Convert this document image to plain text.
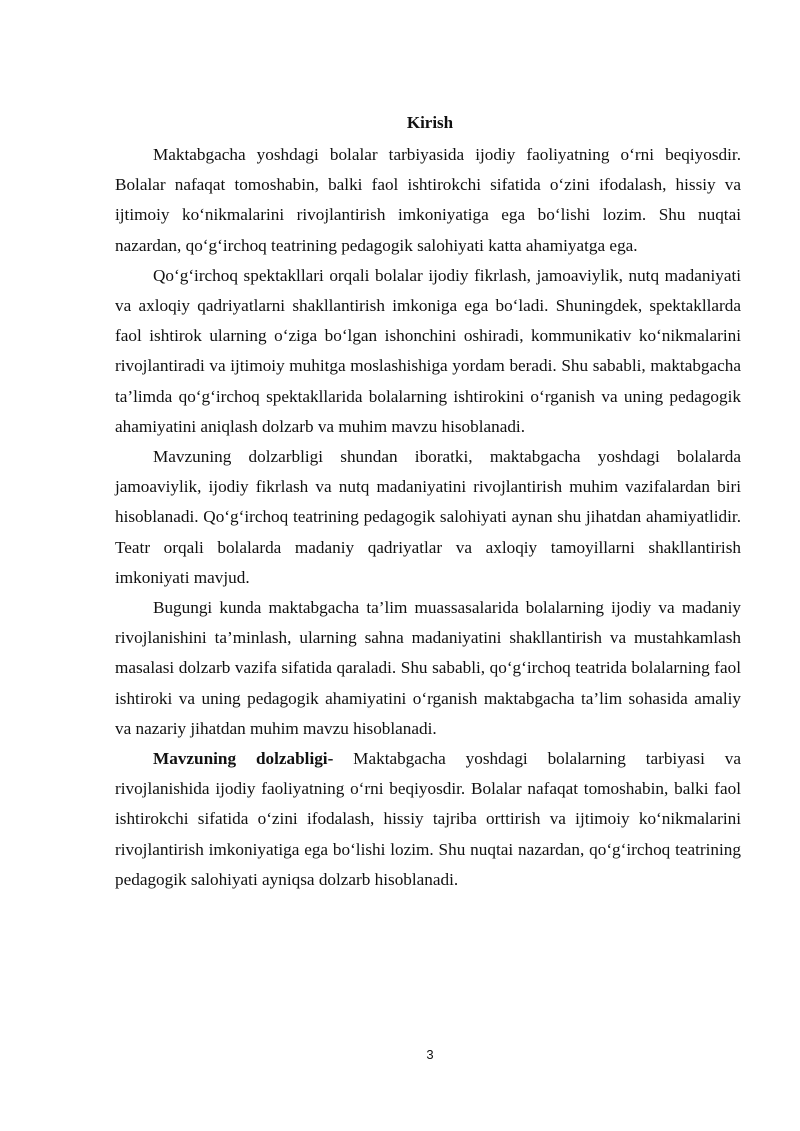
Kirish

Maktabgacha yoshdagi bolalar tarbiyasida ijodiy faoliyatning o‘rni beqiyosdir. Bolalar nafaqat tomoshabin, balki faol ishtirokchi sifatida o‘zini ifodalash, hissiy va ijtimoiy ko‘nikmalarini rivojlantirish imkoniyatiga ega bo‘lishi lozim. Shu nuqtai nazardan, qo‘g‘irchoq teatrining pedagogik salohiyati katta ahamiyatga ega.

Qo‘g‘irchoq spektakllari orqali bolalar ijodiy fikrlash, jamoaviylik, nutq madaniyati va axloqiy qadriyatlarni shakllantirish imkoniga ega bo‘ladi. Shuningdek, spektakllarda faol ishtirok ularning o‘ziga bo‘lgan ishonchini oshiradi, kommunikativ ko‘nikmalarini rivojlantiradi va ijtimoiy muhitga moslashishiga yordam beradi. Shu sababli, maktabgacha ta’limda qo‘g‘irchoq spektakllarida bolalarning ishtirokini o‘rganish va uning pedagogik ahamiyatini aniqlash dolzarb va muhim mavzu hisoblanadi.

Mavzuning dolzarbligi shundan iboratki, maktabgacha yoshdagi bolalarda jamoaviylik, ijodiy fikrlash va nutq madaniyatini rivojlantirish muhim vazifalardan biri hisoblanadi. Qo‘g‘irchoq teatrining pedagogik salohiyati aynan shu jihatdan ahamiyatlidir. Teatr orqali bolalarda madaniy qadriyatlar va axloqiy tamoyillarni shakllantirish imkoniyati mavjud.

Bugungi kunda maktabgacha ta’lim muassasalarida bolalarning ijodiy va madaniy rivojlanishini ta’minlash, ularning sahna madaniyatini shakllantirish va mustahkamlash masalasi dolzarb vazifa sifatida qaraladi. Shu sababli, qo‘g‘irchoq teatrida bolalarning faol ishtiroki va uning pedagogik ahamiyatini o‘rganish maktabgacha ta’lim sohasida amaliy va nazariy jihatdan muhim mavzu hisoblanadi.

Mavzuning dolzabligi- Maktabgacha yoshdagi bolalarning tarbiyasi va rivojlanishida ijodiy faoliyatning o‘rni beqiyosdir. Bolalar nafaqat tomoshabin, balki faol ishtirokchi sifatida o‘zini ifodalash, hissiy tajriba orttirish va ijtimoiy ko‘nikmalarini rivojlantirish imkoniyatiga ega bo‘lishi lozim. Shu nuqtai nazardan, qo‘g‘irchoq teatrining pedagogik salohiyati ayniqsa dolzarb hisoblanadi.

3
